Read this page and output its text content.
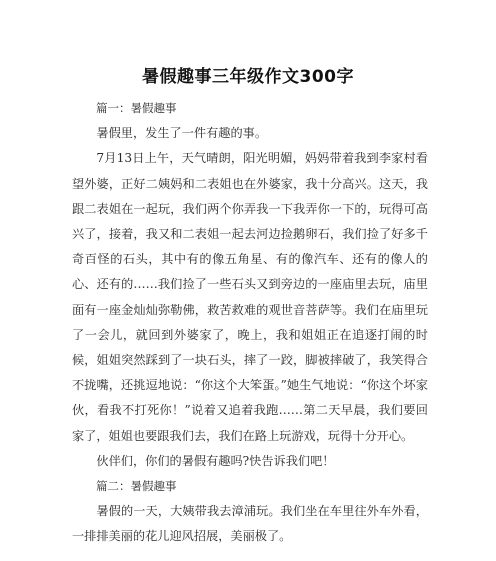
暑假趣事三年级作文300字

篇一：暑假趣事

暑假里，发生了一件有趣的事。

7月13日上午，天气晴朗，阳光明媚，妈妈带着我到李家村看望外婆，正好二姨妈和二表姐也在外婆家，我十分高兴。这天，我跟二表姐在一起玩，我们两个你弄我一下我弄你一下的，玩得可高兴了，接着，我又和二表姐一起去河边捡鹅卵石，我们捡了好多千奇百怪的石头，其中有的像五角星、有的像汽车、还有的像人的心、还有的……我们捡了一些石头又到旁边的一座庙里去玩，庙里面有一座金灿灿弥勒佛，救苦救难的观世音菩萨等。我们在庙里玩了一会儿，就回到外婆家了，晚上，我和姐姐正在追逐打闹的时候，姐姐突然踩到了一块石头，摔了一跤，脚被摔破了，我笑得合不拢嘴，还挑逗地说：“你这个大笨蛋。”她生气地说：“你这个坏家伙，看我不打死你！”说着又追着我跑……第二天早晨，我们要回家了，姐姐也要跟我们去，我们在路上玩游戏，玩得十分开心。

伙伴们，你们的暑假有趣吗?快告诉我们吧！

篇二：暑假趣事

暑假的一天，大姨带我去漳浦玩。我们坐在车里往外车外看，一排排美丽的花儿迎风招展，美丽极了。
